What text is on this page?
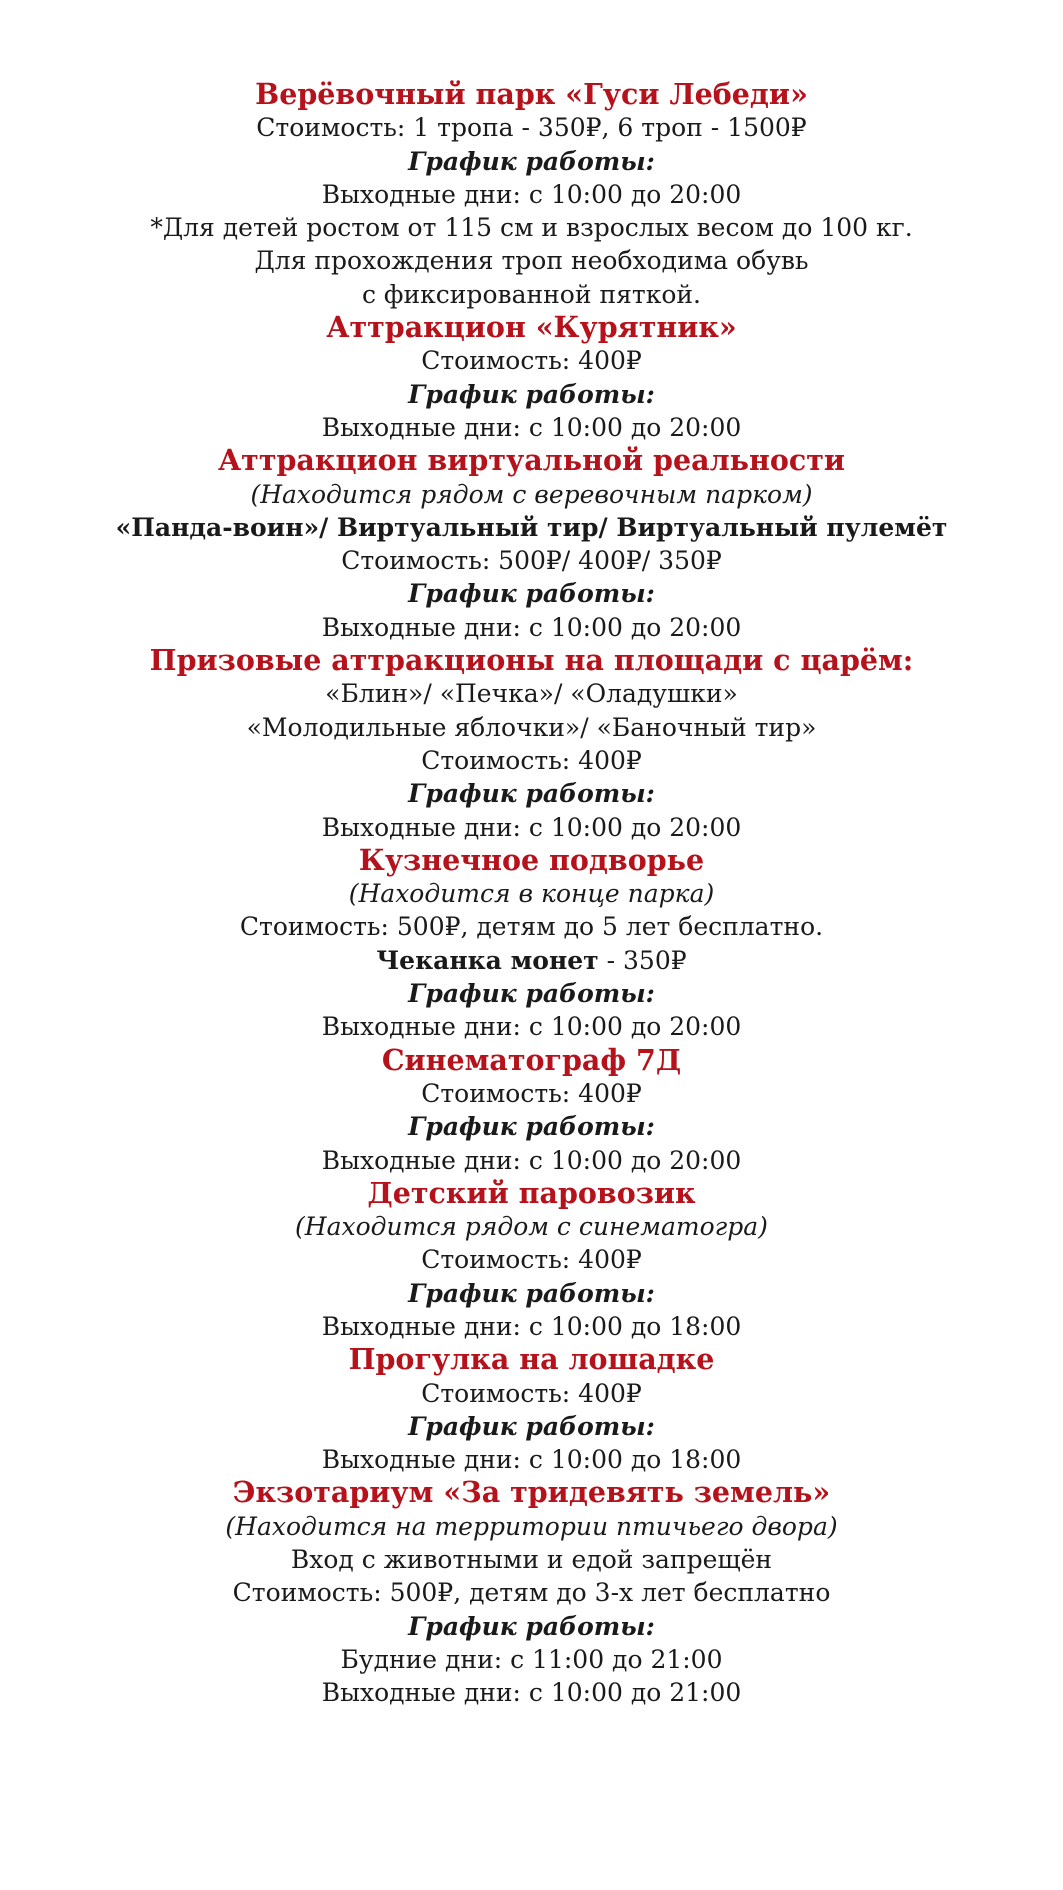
Верёвочный парк «Гуси Лебеди»
Стоимость: 1 тропа - 350₽, 6 троп - 1500₽
График работы:
Выходные дни: с 10:00 до 20:00
*Для детей ростом от 115 см и взрослых весом до 100 кг.
Для прохождения троп необходима обувь
с фиксированной пяткой.
Аттракцион «Курятник»
Стоимость: 400₽
График работы:
Выходные дни: с 10:00 до 20:00
Аттракцион виртуальной реальности
(Находится рядом с веревочным парком)
«Панда-воин»/ Виртуальный тир/ Виртуальный пулемёт
Стоимость: 500₽/ 400₽/ 350₽
График работы:
Выходные дни: с 10:00 до 20:00
Призовые аттракционы на площади с царём:
«Блин»/ «Печка»/ «Оладушки»
«Молодильные яблочки»/ «Баночный тир»
Стоимость: 400₽
График работы:
Выходные дни: с 10:00 до 20:00
Кузнечное подворье
(Находится в конце парка)
Стоимость: 500₽, детям до 5 лет бесплатно.
Чеканка монет - 350₽
График работы:
Выходные дни: с 10:00 до 20:00
Синематограф 7Д
Стоимость: 400₽
График работы:
Выходные дни: с 10:00 до 20:00
Детский паровозик
(Находится рядом с синематогра)
Стоимость: 400₽
График работы:
Выходные дни: с 10:00 до 18:00
Прогулка на лошадке
Стоимость: 400₽
График работы:
Выходные дни: с 10:00 до 18:00
Экзотариум «За тридевять земель»
(Находится на территории птичьего двора)
Вход с животными и едой запрещён
Стоимость: 500₽, детям до 3-х лет бесплатно
График работы:
Будние дни: с 11:00 до 21:00
Выходные дни: с 10:00 до 21:00
